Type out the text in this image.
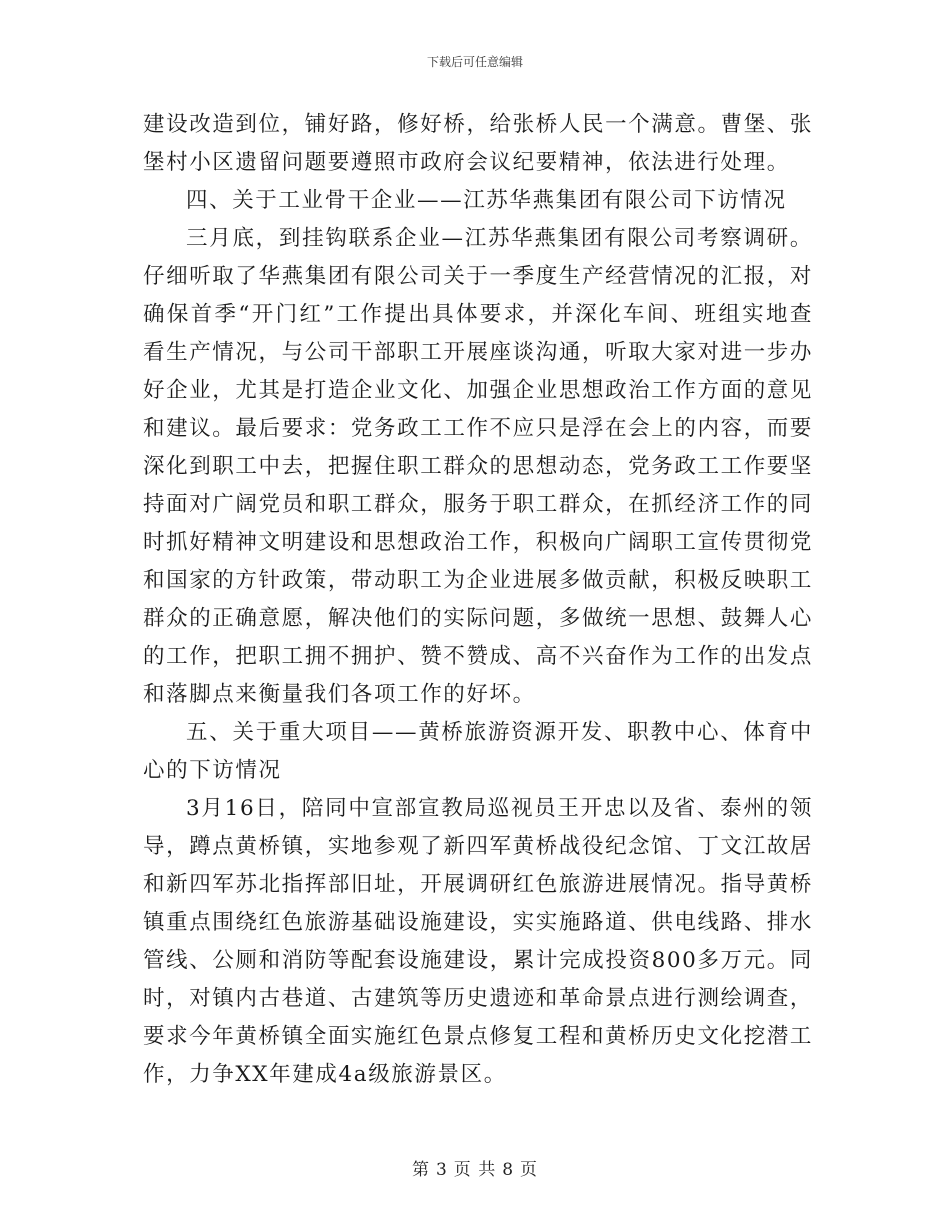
下载后可任意编辑

建设改造到位，铺好路，修好桥，给张桥人民一个满意。曹堡、张堡村小区遗留问题要遵照市政府会议纪要精神，依法进行处理。

四、关于工业骨干企业——江苏华燕集团有限公司下访情况

三月底，到挂钩联系企业—江苏华燕集团有限公司考察调研。仔细听取了华燕集团有限公司关于一季度生产经营情况的汇报，对确保首季“开门红”工作提出具体要求，并深化车间、班组实地查看生产情况，与公司干部职工开展座谈沟通，听取大家对进一步办好企业，尤其是打造企业文化、加强企业思想政治工作方面的意见和建议。最后要求：党务政工工作不应只是浮在会上的内容，而要深化到职工中去，把握住职工群众的思想动态，党务政工工作要坚持面对广阔党员和职工群众，服务于职工群众，在抓经济工作的同时抓好精神文明建设和思想政治工作，积极向广阔职工宣传贯彻党和国家的方针政策，带动职工为企业进展多做贡献，积极反映职工群众的正确意愿，解决他们的实际问题，多做统一思想、鼓舞人心的工作，把职工拥不拥护、赞不赞成、高不兴奋作为工作的出发点和落脚点来衡量我们各项工作的好坏。

五、关于重大项目——黄桥旅游资源开发、职教中心、体育中心的下访情况

3月16日，陪同中宣部宣教局巡视员王开忠以及省、泰州的领导，蹲点黄桥镇，实地参观了新四军黄桥战役纪念馆、丁文江故居和新四军苏北指挥部旧址，开展调研红色旅游进展情况。指导黄桥镇重点围绕红色旅游基础设施建设，实实施路道、供电线路、排水管线、公厕和消防等配套设施建设，累计完成投资800多万元。同时，对镇内古巷道、古建筑等历史遗迹和革命景点进行测绘调查，要求今年黄桥镇全面实施红色景点修复工程和黄桥历史文化挖潜工作，力争XX年建成4a级旅游景区。

第 3 页 共 8 页
